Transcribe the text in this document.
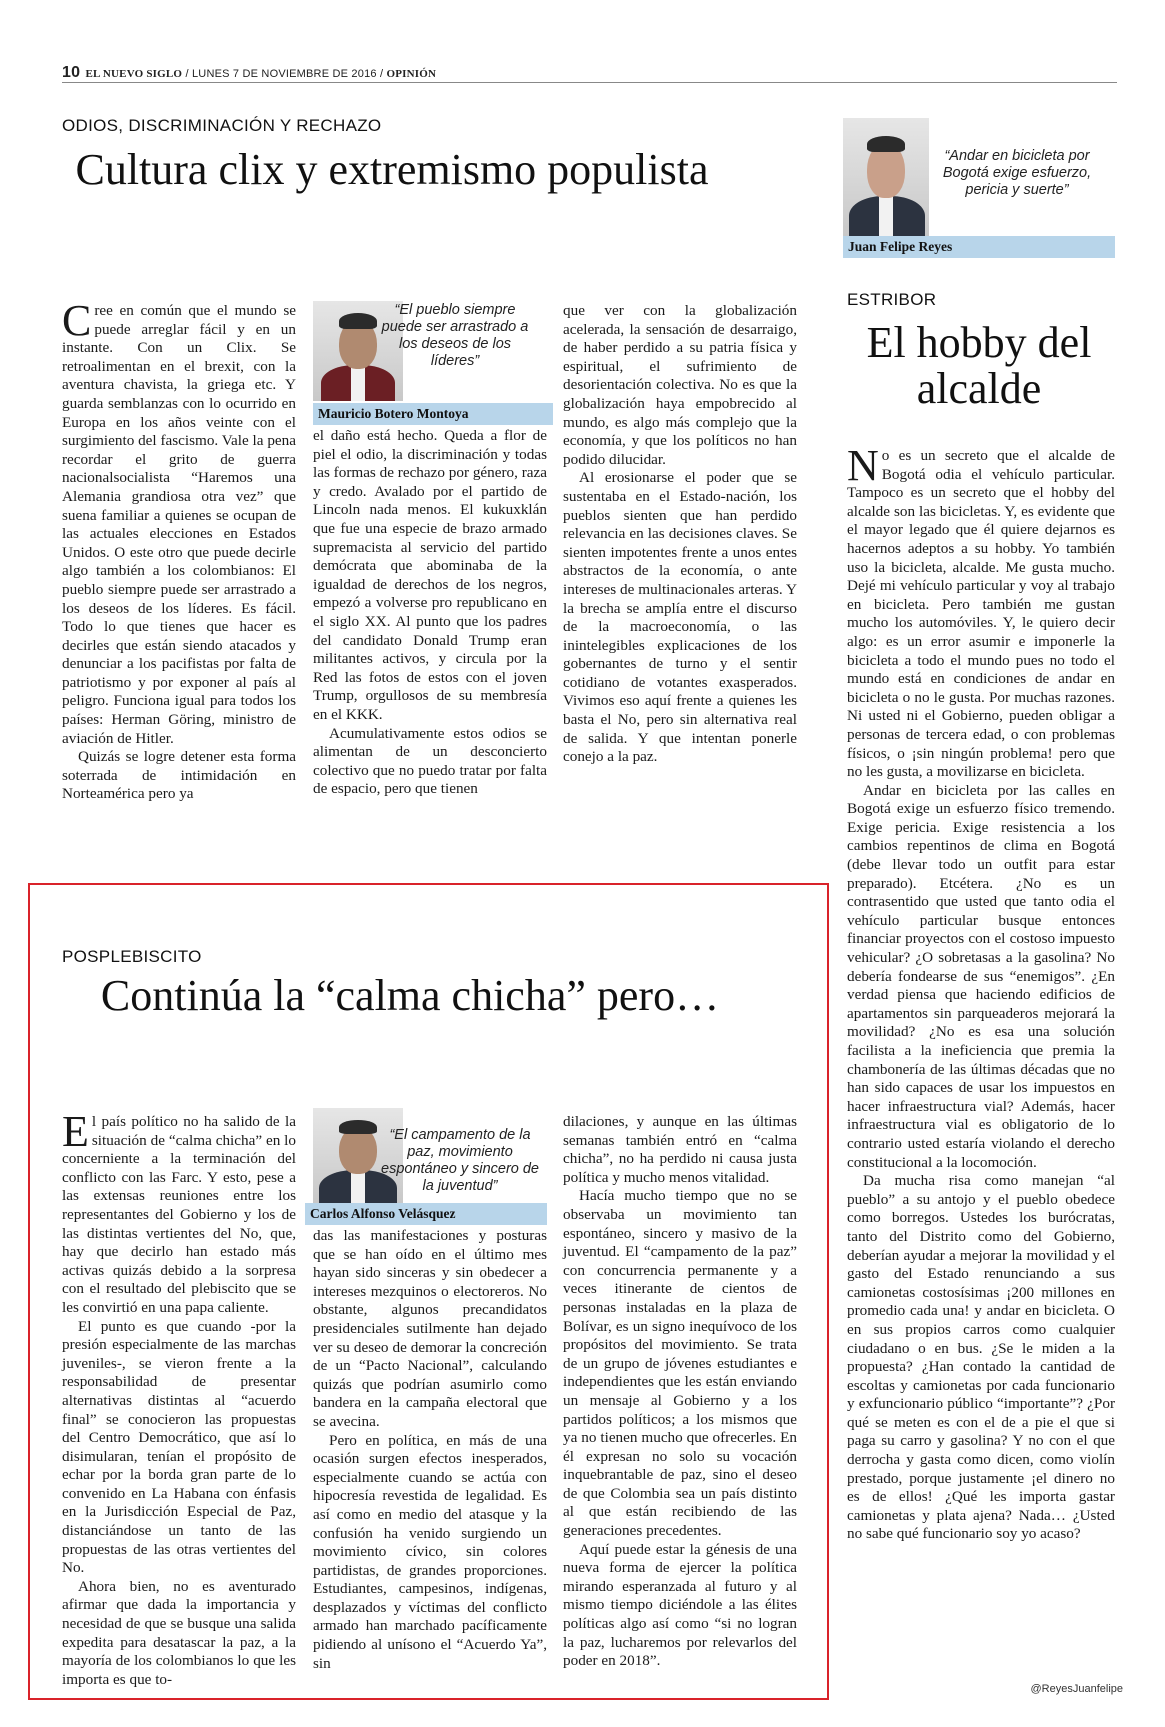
10 EL NUEVO SIGLO / LUNES 7 DE NOVIEMBRE DE 2016 / OPINIÓN
ODIOS, DISCRIMINACIÓN Y RECHAZO
Cultura clix y extremismo populista

Cree en común que el mundo se puede arreglar fácil y en un instante. Con un Clix. Se retroalimentan en el brexit, con la aventura chavista, la griega etc. Y guarda semblanzas con lo ocurrido en Europa en los años veinte con el surgimiento del fascismo. Vale la pena recordar el grito de guerra nacionalsocialista “Haremos una Alemania grandiosa otra vez” que suena familiar a quienes se ocupan de las actuales elecciones en Estados Unidos. O este otro que puede decirle algo también a los colombianos: El pueblo siempre puede ser arrastrado a los deseos de los líderes. Es fácil. Todo lo que tienes que hacer es decirles que están siendo atacados y denunciar a los pacifistas por falta de patriotismo y por exponer al país al peligro. Funciona igual para todos los países: Herman Göring, ministro de aviación de Hitler.

Quizás se logre detener esta forma soterrada de intimidación en Norteamérica pero ya

“El pueblo siempre puede ser arrastrado a los deseos de los líderes”
Mauricio Botero Montoya

el daño está hecho. Queda a flor de piel el odio, la discriminación y todas las formas de rechazo por género, raza y credo. Avalado por el partido de Lincoln nada menos. El kukuxklán que fue una especie de brazo armado supremacista al servicio del partido demócrata que abominaba de la igualdad de derechos de los negros, empezó a volverse pro republicano en el siglo XX. Al punto que los padres del candidato Donald Trump eran militantes activos, y circula por la Red las fotos de estos con el joven Trump, orgullosos de su membresía en el KKK.

Acumulativamente estos odios se alimentan de un desconcierto colectivo que no puedo tratar por falta de espacio, pero que tienen

que ver con la globalización acelerada, la sensación de desarraigo, de haber perdido a su patria física y espiritual, el sufrimiento de desorientación colectiva. No es que la globalización haya empobrecido al mundo, es algo más complejo que la economía, y que los políticos no han podido dilucidar.

Al erosionarse el poder que se sustentaba en el Estado-nación, los pueblos sienten que han perdido relevancia en las decisiones claves. Se sienten impotentes frente a unos entes abstractos de la economía, o ante intereses de multinacionales arteras. Y la brecha se amplía entre el discurso de la macroeconomía, o las inintelegibles explicaciones de los gobernantes de turno y el sentir cotidiano de votantes exasperados. Vivimos eso aquí frente a quienes les basta el No, pero sin alternativa real de salida. Y que intentan ponerle conejo a la paz.

“Andar en bicicleta por Bogotá exige esfuerzo, pericia y suerte”
Juan Felipe Reyes
ESTRIBOR
El hobby del alcalde

No es un secreto que el alcalde de Bogotá odia el vehículo particular. Tampoco es un secreto que el hobby del alcalde son las bicicletas. Y, es evidente que el mayor legado que él quiere dejarnos es hacernos adeptos a su hobby. Yo también uso la bicicleta, alcalde. Me gusta mucho. Dejé mi vehículo particular y voy al trabajo en bicicleta. Pero también me gustan mucho los automóviles. Y, le quiero decir algo: es un error asumir e imponerle la bicicleta a todo el mundo pues no todo el mundo está en condiciones de andar en bicicleta o no le gusta. Por muchas razones. Ni usted ni el Gobierno, pueden obligar a personas de tercera edad, o con problemas físicos, o ¡sin ningún problema! pero que no les gusta, a movilizarse en bicicleta.

Andar en bicicleta por las calles en Bogotá exige un esfuerzo físico tremendo. Exige pericia. Exige resistencia a los cambios repentinos de clima en Bogotá (debe llevar todo un outfit para estar preparado). Etcétera. ¿No es un contrasentido que usted que tanto odia el vehículo particular busque entonces financiar proyectos con el costoso impuesto vehicular? ¿O sobretasas a la gasolina? No debería fondearse de sus “enemigos”. ¿En verdad piensa que haciendo edificios de apartamentos sin parqueaderos mejorará la movilidad? ¿No es esa una solución facilista a la ineficiencia que premia la chambonería de las últimas décadas que no han sido capaces de usar los impuestos en hacer infraestructura vial? Además, hacer infraestructura vial es obligatorio de lo contrario usted estaría violando el derecho constitucional a la locomoción.

Da mucha risa como manejan “al pueblo” a su antojo y el pueblo obedece como borregos. Ustedes los burócratas, tanto del Distrito como del Gobierno, deberían ayudar a mejorar la movilidad y el gasto del Estado renunciando a sus camionetas costosísimas ¡200 millones en promedio cada una! y andar en bicicleta. O en sus propios carros como cualquier ciudadano o en bus. ¿Se le miden a la propuesta? ¿Han contado la cantidad de escoltas y camionetas por cada funcionario y exfuncionario público “importante”? ¿Por qué se meten es con el de a pie el que si paga su carro y gasolina? Y no con el que derrocha y gasta como dicen, como violín prestado, porque justamente ¡el dinero no es de ellos! ¿Qué les importa gastar camionetas y plata ajena? Nada… ¿Usted no sabe qué funcionario soy yo acaso?

@ReyesJuanfelipe
POSPLEBISCITO
Continúa la “calma chicha” pero…

El país político no ha salido de la situación de “calma chicha” en lo concerniente a la terminación del conflicto con las Farc. Y esto, pese a las extensas reuniones entre los representantes del Gobierno y los de las distintas vertientes del No, que, hay que decirlo han estado más activas quizás debido a la sorpresa con el resultado del plebiscito que se les convirtió en una papa caliente.

El punto es que cuando -por la presión especialmente de las marchas juveniles-, se vieron frente a la responsabilidad de presentar alternativas distintas al “acuerdo final” se conocieron las propuestas del Centro Democrático, que así lo disimularan, tenían el propósito de echar por la borda gran parte de lo convenido en La Habana con énfasis en la Jurisdicción Especial de Paz, distanciándose un tanto de las propuestas de las otras vertientes del No.

Ahora bien, no es aventurado afirmar que dada la importancia y necesidad de que se busque una salida expedita para desatascar la paz, a la mayoría de los colombianos lo que les importa es que to-

“El campamento de la paz, movimiento espontáneo y sincero de la juventud”
Carlos Alfonso Velásquez

das las manifestaciones y posturas que se han oído en el último mes hayan sido sinceras y sin obedecer a intereses mezquinos o electoreros. No obstante, algunos precandidatos presidenciales sutilmente han dejado ver su deseo de demorar la concreción de un “Pacto Nacional”, calculando quizás que podrían asumirlo como bandera en la campaña electoral que se avecina.

Pero en política, en más de una ocasión surgen efectos inesperados, especialmente cuando se actúa con hipocresía revestida de legalidad. Es así como en medio del atasque y la confusión ha venido surgiendo un movimiento cívico, sin colores partidistas, de grandes proporciones. Estudiantes, campesinos, indígenas, desplazados y víctimas del conflicto armado han marchado pacíficamente pidiendo al unísono el “Acuerdo Ya”, sin

dilaciones, y aunque en las últimas semanas también entró en “calma chicha”, no ha perdido ni causa justa política y mucho menos vitalidad.

Hacía mucho tiempo que no se observaba un movimiento tan espontáneo, sincero y masivo de la juventud. El “campamento de la paz” con concurrencia permanente y a veces itinerante de cientos de personas instaladas en la plaza de Bolívar, es un signo inequívoco de los propósitos del movimiento. Se trata de un grupo de jóvenes estudiantes e independientes que les están enviando un mensaje al Gobierno y a los partidos políticos; a los mismos que ya no tienen mucho que ofrecerles. En él expresan no solo su vocación inquebrantable de paz, sino el deseo de que Colombia sea un país distinto al que están recibiendo de las generaciones precedentes.

Aquí puede estar la génesis de una nueva forma de ejercer la política mirando esperanzada al futuro y al mismo tiempo diciéndole a las élites políticas algo así como “si no logran la paz, lucharemos por relevarlos del poder en 2018”.
